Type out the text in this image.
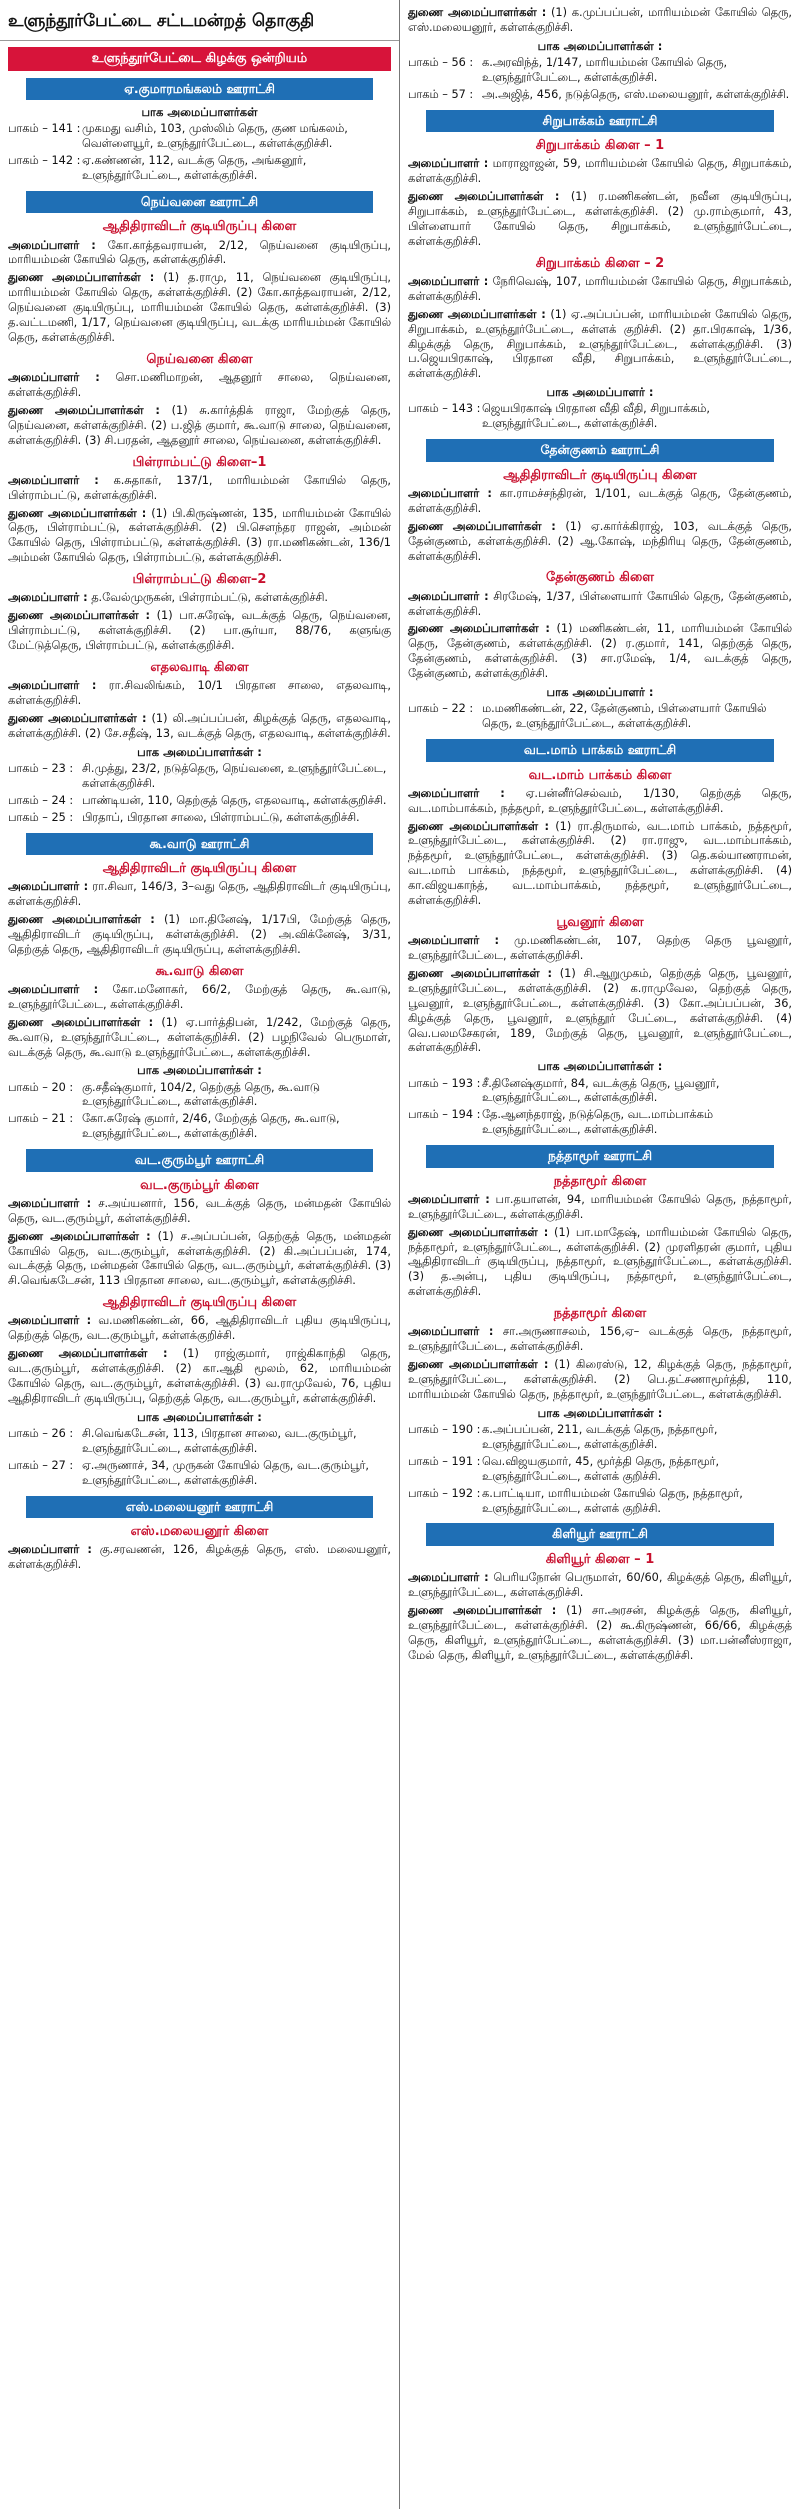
உளுந்தூர்பேட்டை சட்டமன்றத் தொகுதி
உளுந்தூர்பேட்டை கிழக்கு ஒன்றியம்
ஏ.குமாரமங்கலம் ஊராட்சி
பாக அமைப்பாளர்கள்
பாகம் – 141 : முகமது வசிம், 103, முஸ்லிம் தெரு, குண மங்கலம், வெள்ளையூர், உளுந்தூர்பேட்டை, கள்ளக்குறிச்சி.
பாகம் – 142 : ஏ.கண்ணன், 112, வடக்கு தெரு, அங்கனூர், உளுந்தூர்பேட்டை, கள்ளக்குறிச்சி.
நெய்வனை ஊராட்சி
ஆதிதிராவிடர் குடியிருப்பு கிளை
அமைப்பாளர் : கோ.காத்தவராயன், 2/12, நெய்வனை குடியிருப்பு, மாரியம்மன் கோயில் தெரு, கள்ளக்குறிச்சி.
துணை அமைப்பாளர்கள் : (1) த.ராமு, 11, நெய்வனை குடியிருப்பு, மாரியம்மன் கோயில் தெரு, கள்ளக்குறிச்சி. (2) கோ.காத்தவராயன், 2/12, நெய்வனை குடியிருப்பு, மாரியம்மன் கோயில் தெரு, கள்ளக்குறிச்சி. (3) த.வட்டமணி, 1/17, நெய்வனை குடியிருப்பு, வடக்கு மாரியம்மன் கோயில் தெரு, கள்ளக்குறிச்சி.
நெய்வனை கிளை
அமைப்பாளர் : சொ.மணிமாறன், ஆதனூர் சாலை, நெய்வனை, கள்ளக்குறிச்சி.
துணை அமைப்பாளர்கள் : (1) சு.கார்த்திக் ராஜா, மேற்குத் தெரு, நெய்வனை, கள்ளக்குறிச்சி. (2) ப.ஜித் குமார், கூ.வாடு சாலை, நெய்வனை, கள்ளக்குறிச்சி. (3) சி.பரதன், ஆதனூர் சாலை, நெய்வனை, கள்ளக்குறிச்சி.
பிள்ராம்பட்டு கிளை–1
அமைப்பாளர் : க.சுதாகர், 137/1, மாரியம்மன் கோயில் தெரு, பிள்ராம்பட்டு, கள்ளக்குறிச்சி.
துணை அமைப்பாளர்கள் : (1) பி.கிருஷ்ணன், 135, மாரியம்மன் கோயில் தெரு, பிள்ராம்பட்டு, கள்ளக்குறிச்சி. (2) பி.சௌந்தர ராஜன், அம்மன் கோயில் தெரு, பிள்ராம்பட்டு, கள்ளக்குறிச்சி. (3) ரா.மணிகண்டன், 136/1 அம்மன் கோயில் தெரு, பிள்ராம்பட்டு, கள்ளக்குறிச்சி.
பிள்ராம்பட்டு கிளை–2
அமைப்பாளர் : த.வேல்முருகன், பிள்ராம்பட்டு, கள்ளக்குறிச்சி.
துணை அமைப்பாளர்கள் : (1) பா.சுரேஷ், வடக்குத் தெரு, நெய்வனை, பிள்ராம்பட்டு, கள்ளக்குறிச்சி. (2) பா.சூர்யா, 88/76, களுங்கு மேட்டுத்தெரு, பிள்ராம்பட்டு, கள்ளக்குறிச்சி.
எதலவாடி கிளை
அமைப்பாளர் : ரா.சிவலிங்கம், 10/1 பிரதான சாலை, எதலவாடி, கள்ளக்குறிச்சி.
துணை அமைப்பாளர்கள் : (1) லி.அப்பப்பன், கிழக்குத் தெரு, எதலவாடி, கள்ளக்குறிச்சி. (2) சே.சதீஷ், 13, வடக்குத் தெரு, எதலவாடி, கள்ளக்குறிச்சி.
பாக அமைப்பாளர்கள் :
பாகம் – 23 : சி.முத்து, 23/2, நடுத்தெரு, நெய்வனை, உளுந்தூர்பேட்டை, கள்ளக்குறிச்சி.
பாகம் – 24 : பாண்டியன், 110, தெற்குத் தெரு, எதலவாடி, கள்ளக்குறிச்சி.
பாகம் – 25 : பிரதாப், பிரதான சாலை, பிள்ராம்பட்டு, கள்ளக்குறிச்சி.
கூ.வாடு ஊராட்சி
ஆதிதிராவிடர் குடியிருப்பு கிளை
அமைப்பாளர் : ரா.சிவா, 146/3, 3–வது தெரு, ஆதிதிராவிடர் குடியிருப்பு, கள்ளக்குறிச்சி.
துணை அமைப்பாளர்கள் : (1) மா.தினேஷ், 1/17பி, மேற்குத் தெரு, ஆதிதிராவிடர் குடியிருப்பு, கள்ளக்குறிச்சி. (2) அ.விக்னேஷ், 3/31, தெற்குத் தெரு, ஆதிதிராவிடர் குடியிருப்பு, கள்ளக்குறிச்சி.
கூ.வாடு கிளை
அமைப்பாளர் : கோ.மனோகர், 66/2, மேற்குத் தெரு, கூ.வாடு, உளுந்தூர்பேட்டை, கள்ளக்குறிச்சி.
துணை அமைப்பாளர்கள் : (1) ஏ.பார்த்திபன், 1/242, மேற்குத் தெரு, கூ.வாடு, உளுந்தூர்பேட்டை, கள்ளக்குறிச்சி. (2) பழநிவேல் பெருமாள், வடக்குத் தெரு, கூ.வாடு உளுந்தூர்பேட்டை, கள்ளக்குறிச்சி.
பாக அமைப்பாளர்கள் :
பாகம் – 20 : கு.சதீஷ்குமார், 104/2, தெற்குத் தெரு, கூ.வாடு உளுந்தூர்பேட்டை, கள்ளக்குறிச்சி.
பாகம் – 21 : கோ.சுரேஷ் குமார், 2/46, மேற்குத் தெரு, கூ.வாடு, உளுந்தூர்பேட்டை, கள்ளக்குறிச்சி.
வட.குரும்பூர் ஊராட்சி
வட.குரும்பூர் கிளை
அமைப்பாளர் : ச.அய்யனார், 156, வடக்குத் தெரு, மன்மதன் கோயில் தெரு, வட.குரும்பூர், கள்ளக்குறிச்சி.
துணை அமைப்பாளர்கள் : (1) ச.அப்பப்பன், தெற்குத் தெரு, மன்மதன் கோயில் தெரு, வட.குரும்பூர், கள்ளக்குறிச்சி. (2) கி.அப்பப்பன், 174, வடக்குத் தெரு, மன்மதன் கோயில் தெரு, வட.குரும்பூர், கள்ளக்குறிச்சி. (3) சி.வெங்கடேசன், 113 பிரதான சாலை, வட.குரும்பூர், கள்ளக்குறிச்சி.
ஆதிதிராவிடர் குடியிருப்பு கிளை
அமைப்பாளர் : வ.மணிகண்டன், 66, ஆதிதிராவிடர் புதிய குடியிருப்பு, தெற்குத் தெரு, வட.குரும்பூர், கள்ளக்குறிச்சி.
துணை அமைப்பாளர்கள் : (1) ராஜ்குமார், ராஜ்கிகாந்தி தெரு, வட.குரும்பூர், கள்ளக்குறிச்சி. (2) கா.ஆதி மூலம், 62, மாரியம்மன் கோயில் தெரு, வட.குரும்பூர், கள்ளக்குறிச்சி. (3) வ.ராமுவேல், 76, புதிய ஆதிதிராவிடர் குடியிருப்பு, தெற்குத் தெரு, வட.குரும்பூர், கள்ளக்குறிச்சி.
பாக அமைப்பாளர்கள் :
பாகம் – 26 : சி.வெங்கடேசன், 113, பிரதான சாலை, வட.குரும்பூர், உளுந்தூர்பேட்டை, கள்ளக்குறிச்சி.
பாகம் – 27 : ஏ.அருணாச், 34, முருகன் கோயில் தெரு, வட.குரும்பூர், உளுந்தூர்பேட்டை, கள்ளக்குறிச்சி.
எஸ்.மலையனூர் ஊராட்சி
எஸ்.மலையனூர் கிளை
அமைப்பாளர் : கு.சரவணன், 126, கிழக்குத் தெரு, எஸ். மலையனூர், கள்ளக்குறிச்சி.
துணை அமைப்பாளர்கள் : (1) க.முப்பப்பன், மாரியம்மன் கோயில் தெரு, எஸ்.மலையனூர், கள்ளக்குறிச்சி.
பாக அமைப்பாளர்கள் :
பாகம் – 56 : க.அரவிந்த், 1/147, மாரியம்மன் கோயில் தெரு, உளுந்தூர்பேட்டை, கள்ளக்குறிச்சி.
பாகம் – 57 : அ.அஜித், 456, நடுத்தெரு, எஸ்.மலையனூர், கள்ளக்குறிச்சி.
சிறுபாக்கம் ஊராட்சி
சிறுபாக்கம் கிளை – 1
அமைப்பாளர் : மாராஜாஜன், 59, மாரியம்மன் கோயில் தெரு, சிறுபாக்கம், கள்ளக்குறிச்சி.
துணை அமைப்பாளர்கள் : (1) ர.மணிகண்டன், நவீன குடியிருப்பு, சிறுபாக்கம், உளுந்தூர்பேட்டை, கள்ளக்குறிச்சி. (2) மு.ராம்குமார், 43, பிள்ளையார் கோயில் தெரு, சிறுபாக்கம், உளுந்தூர்பேட்டை, கள்ளக்குறிச்சி.
சிறுபாக்கம் கிளை – 2
அமைப்பாளர் : நேரிவெஷ், 107, மாரியம்மன் கோயில் தெரு, சிறுபாக்கம், கள்ளக்குறிச்சி.
துணை அமைப்பாளர்கள் : (1) ஏ.அப்பப்பன், மாரியம்மன் கோயில் தெரு, சிறுபாக்கம், உளுந்தூர்பேட்டை, கள்ளக் குறிச்சி. (2) தா.பிரகாஷ், 1/36, கிழக்குத் தெரு, சிறுபாக்கம், உளுந்தூர்பேட்டை, கள்ளக்குறிச்சி. (3) ப.ஜெயபிரகாஷ், பிரதான வீதி, சிறுபாக்கம், உளுந்தூர்பேட்டை, கள்ளக்குறிச்சி.
பாக அமைப்பாளர் :
பாகம் – 143 : ஜெயபிரகாஷ் பிரதான வீதி வீதி, சிறுபாக்கம், உளுந்தூர்பேட்டை, கள்ளக்குறிச்சி.
தேன்குணம் ஊராட்சி
ஆதிதிராவிடர் குடியிருப்பு கிளை
அமைப்பாளர் : கா.ராமச்சந்திரன், 1/101, வடக்குத் தெரு, தேன்குணம், கள்ளக்குறிச்சி.
துணை அமைப்பாளர்கள் : (1) ஏ.கார்க்கிராஜ், 103, வடக்குத் தெரு, தேன்குணம், கள்ளக்குறிச்சி. (2) ஆ.கோஷ், மந்திரியு தெரு, தேன்குணம், கள்ளக்குறிச்சி.
தேன்குணம் கிளை
அமைப்பாளர் : சிரமேஷ், 1/37, பிள்ளையார் கோயில் தெரு, தேன்குணம், கள்ளக்குறிச்சி.
துணை அமைப்பாளர்கள் : (1) மணிகண்டன், 11, மாரியம்மன் கோயில் தெரு, தேன்குணம், கள்ளக்குறிச்சி. (2) ர.குமார், 141, தெற்குத் தெரு, தேன்குணம், கள்ளக்குறிச்சி. (3) சா.ரமேஷ், 1/4, வடக்குத் தெரு, தேன்குணம், கள்ளக்குறிச்சி.
பாக அமைப்பாளர் :
பாகம் – 22 : ம.மணிகண்டன், 22, தேன்குணம், பிள்ளையார் கோயில் தெரு, உளுந்தூர்பேட்டை, கள்ளக்குறிச்சி.
வட.மாம் பாக்கம் ஊராட்சி
வட.மாம் பாக்கம் கிளை
அமைப்பாளர் : ஏ.பன்னீர்செல்வம், 1/130, தெற்குத் தெரு, வட.மாம்பாக்கம், நத்தமூர், உளுந்தூர்பேட்டை, கள்ளக்குறிச்சி.
துணை அமைப்பாளர்கள் : (1) ரா.திருமால், வட.மாம் பாக்கம், நத்தமூர், உளுந்தூர்பேட்டை, கள்ளக்குறிச்சி. (2) ரா.ராஜு, வட.மாம்பாக்கம், நத்தமூர், உளுந்தூர்பேட்டை, கள்ளக்குறிச்சி. (3) தெ.கல்யாணராமன், வட.மாம் பாக்கம், நத்தமூர், உளுந்தூர்பேட்டை, கள்ளக்குறிச்சி. (4) கா.விஜயகாந்த், வட.மாம்பாக்கம், நத்தமூர், உளுந்தூர்பேட்டை, கள்ளக்குறிச்சி.
பூவனூர் கிளை
அமைப்பாளர் : மு.மணிகண்டன், 107, தெற்கு தெரு பூவனூர், உளுந்தூர்பேட்டை, கள்ளக்குறிச்சி.
துணை அமைப்பாளர்கள் : (1) சி.ஆறுமுகம், தெற்குத் தெரு, பூவனூர், உளுந்தூர்பேட்டை, கள்ளக்குறிச்சி. (2) க.ராமுவேல, தெற்குத் தெரு, பூவனூர், உளுந்தூர்பேட்டை, கள்ளக்குறிச்சி. (3) கோ.அப்பப்பன், 36, கிழக்குத் தெரு, பூவனூர், உளுந்தூர் பேட்டை, கள்ளக்குறிச்சி. (4) வெ.பலமசேகரன், 189, மேற்குத் தெரு, பூவனூர், உளுந்தூர்பேட்டை, கள்ளக்குறிச்சி.
பாக அமைப்பாளர்கள் :
பாகம் – 193 : சீ.தினேஷ்குமார், 84, வடக்குத் தெரு, பூவனூர், உளுந்தூர்பேட்டை, கள்ளக்குறிச்சி.
பாகம் – 194 : தே.ஆனந்தராஜ், நடுத்தெரு, வட.மாம்பாக்கம் உளுந்தூர்பேட்டை, கள்ளக்குறிச்சி.
நத்தாமூர் ஊராட்சி
நத்தாமூர் கிளை
அமைப்பாளர் : பா.தயாளன், 94, மாரியம்மன் கோயில் தெரு, நத்தாமூர், உளுந்தூர்பேட்டை, கள்ளக்குறிச்சி.
துணை அமைப்பாளர்கள் : (1) பா.மாதேஷ், மாரியம்மன் கோயில் தெரு, நத்தாமூர், உளுந்தூர்பேட்டை, கள்ளக்குறிச்சி. (2) முரளிதரன் குமார், புதிய ஆதிதிராவிடர் குடியிருப்பு, நத்தாமூர், உளுந்தூர்பேட்டை, கள்ளக்குறிச்சி. (3) த.அன்பு, புதிய குடியிருப்பு, நத்தாமூர், உளுந்தூர்பேட்டை, கள்ளக்குறிச்சி.
நத்தாமூர் கிளை
அமைப்பாளர் : சா.அருணாசலம், 156,ஏ– வடக்குத் தெரு, நத்தாமூர், உளுந்தூர்பேட்டை, கள்ளக்குறிச்சி.
துணை அமைப்பாளர்கள் : (1) கிரைஸ்டு, 12, கிழக்குத் தெரு, நத்தாமூர், உளுந்தூர்பேட்டை, கள்ளக்குறிச்சி. (2) பெ.தட்சணாமூர்த்தி, 110, மாரியம்மன் கோயில் தெரு, நத்தாமூர், உளுந்தூர்பேட்டை, கள்ளக்குறிச்சி.
பாக அமைப்பாளர்கள் :
பாகம் – 190 : க.அப்பப்பன், 211, வடக்குத் தெரு, நத்தாமூர், உளுந்தூர்பேட்டை, கள்ளக்குறிச்சி.
பாகம் – 191 : வெ.விஜயகுமார், 45, மூர்த்தி தெரு, நத்தாமூர், உளுந்தூர்பேட்டை, கள்ளக் குறிச்சி.
பாகம் – 192 : க.பாட்டியா, மாரியம்மன் கோயில் தெரு, நத்தாமூர், உளுந்தூர்பேட்டை, கள்ளக் குறிச்சி.
கிளியூர் ஊராட்சி
கிளியூர் கிளை – 1
அமைப்பாளர் : பெரியநோன் பெருமாள், 60/60, கிழக்குத் தெரு, கிளியூர், உளுந்தூர்பேட்டை, கள்ளக்குறிச்சி.
துணை அமைப்பாளர்கள் : (1) சா.அரசன், கிழக்குத் தெரு, கிளியூர், உளுந்தூர்பேட்டை, கள்ளக்குறிச்சி. (2) கூ.கிருஷ்ணன், 66/66, கிழக்குத் தெரு, கிளியூர், உளுந்தூர்பேட்டை, கள்ளக்குறிச்சி. (3) மா.பன்னீஸ்ராஜா, மேல் தெரு, கிளியூர், உளுந்தூர்பேட்டை, கள்ளக்குறிச்சி.
